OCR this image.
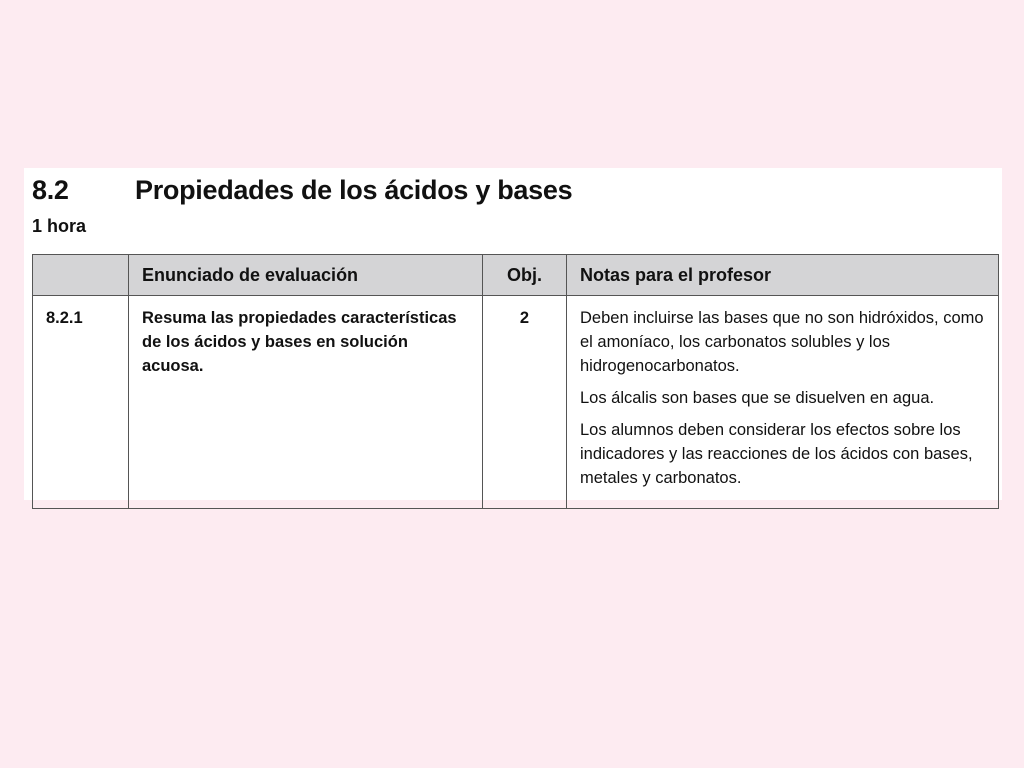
8.2	Propiedades de los ácidos y bases
1 hora
	Enunciado de evaluación	Obj.	Notas para el profesor
8.2.1	Resuma las propiedades características de los ácidos y bases en solución acuosa.	2	Deben incluirse las bases que no son hidróxidos, como el amoníaco, los carbonatos solubles y los hidrogenocarbonatos.

Los álcalis son bases que se disuelven en agua.

Los alumnos deben considerar los efectos sobre los indicadores y las reacciones de los ácidos con bases, metales y carbonatos.
